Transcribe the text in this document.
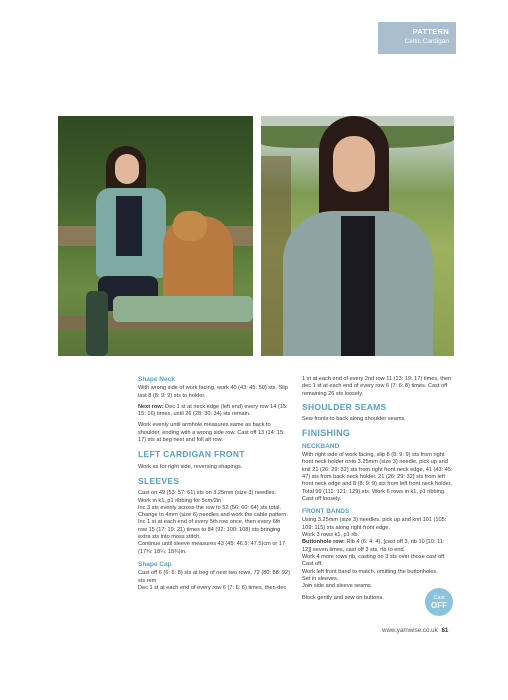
PATTERN
Celtic Cardigan
Shape Neck
With wrong side of work facing, work 40 (43: 45: 50) sts. Slip last 8 (8: 9: 9) sts to holder.
Next row: Dec 1 st at neck edge (left end) every row 14 (15: 15: 16) times, until 26 (28: 30: 34) sts remain.
Work evenly until armhole measures same as back to shoulder, ending with a wrong side row. Cast off 13 (14: 15: 17) sts at beg next and foll alt row.
LEFT CARDIGAN FRONT
Work as for right side, reversing shapings.
SLEEVES
Cast on 49 (53: 57: 61) sts on 3.25mm (size 3) needles.
Work in k1, p1 ribbing for 5cm/2in.
Inc 3 sts evenly across the row to 52 (56: 60: 64) sts total.
Change to 4mm (size 6) needles and work the cable pattern.
Inc 1 st at each end of every 5th row once, then every 6th row 15 (17: 19: 21) times to 84 (92: 100: 108) sts bringing extra sts into moss stitch.
Continue until sleeve measures 43 (45: 46.5: 47.5)cm or 17 (17¾: 18¼: 18¾)in.
Shape Cap
Cast off 6 (6: 6: 8) sts at beg of next two rows. 72 (80: 88: 92) sts rem
Dec 1 st at each end of every row 6 (7: 6: 6) times, then dec
1 st at each end of every 2nd row 11 (13: 19: 17) times, then dec 1 st at each end of every row 6 (7: 6: 8) times. Cast off remaining 26 sts loosely.
SHOULDER SEAMS
Sew fronts to back along shoulder seams.
FINISHING
NECKBAND
With right side of work facing, slip 8 (8: 9: 9) sts from right front neck holder onto 3.25mm (size 3) needle, pick up and knit 21 (26: 29: 32) sts from right front neck edge, 41 (43: 45: 47) sts from back neck holder, 21 (26: 29: 32) sts from left front neck edge and 8 (8: 9: 9) sts from left front neck holder. Total 99 (111: 121: 129) sts. Work 6 rows in k1, p1 ribbing. Cast off loosely.
FRONT BANDS
Using 3.25mm (size 3) needles, pick up and knit 101 (105: 109: 115) sts along right front edge.
Work 3 rows k1, p1 rib.
Buttonhole row: Rib 4 (6: 4: 4), [cast off 3, rib 10 [10: 11: 12]] seven times, cast off 3 sts, rib to end.
Work 4 more rows rib, casting on 3 sts over those cast off. Cast off.
Work left front band to match, omitting the buttonholes.
Set in sleeves.
Join side and sleeve seams.
Block gently and sew on buttons.	Cast
OFF
www.yarnwise.co.uk 81
